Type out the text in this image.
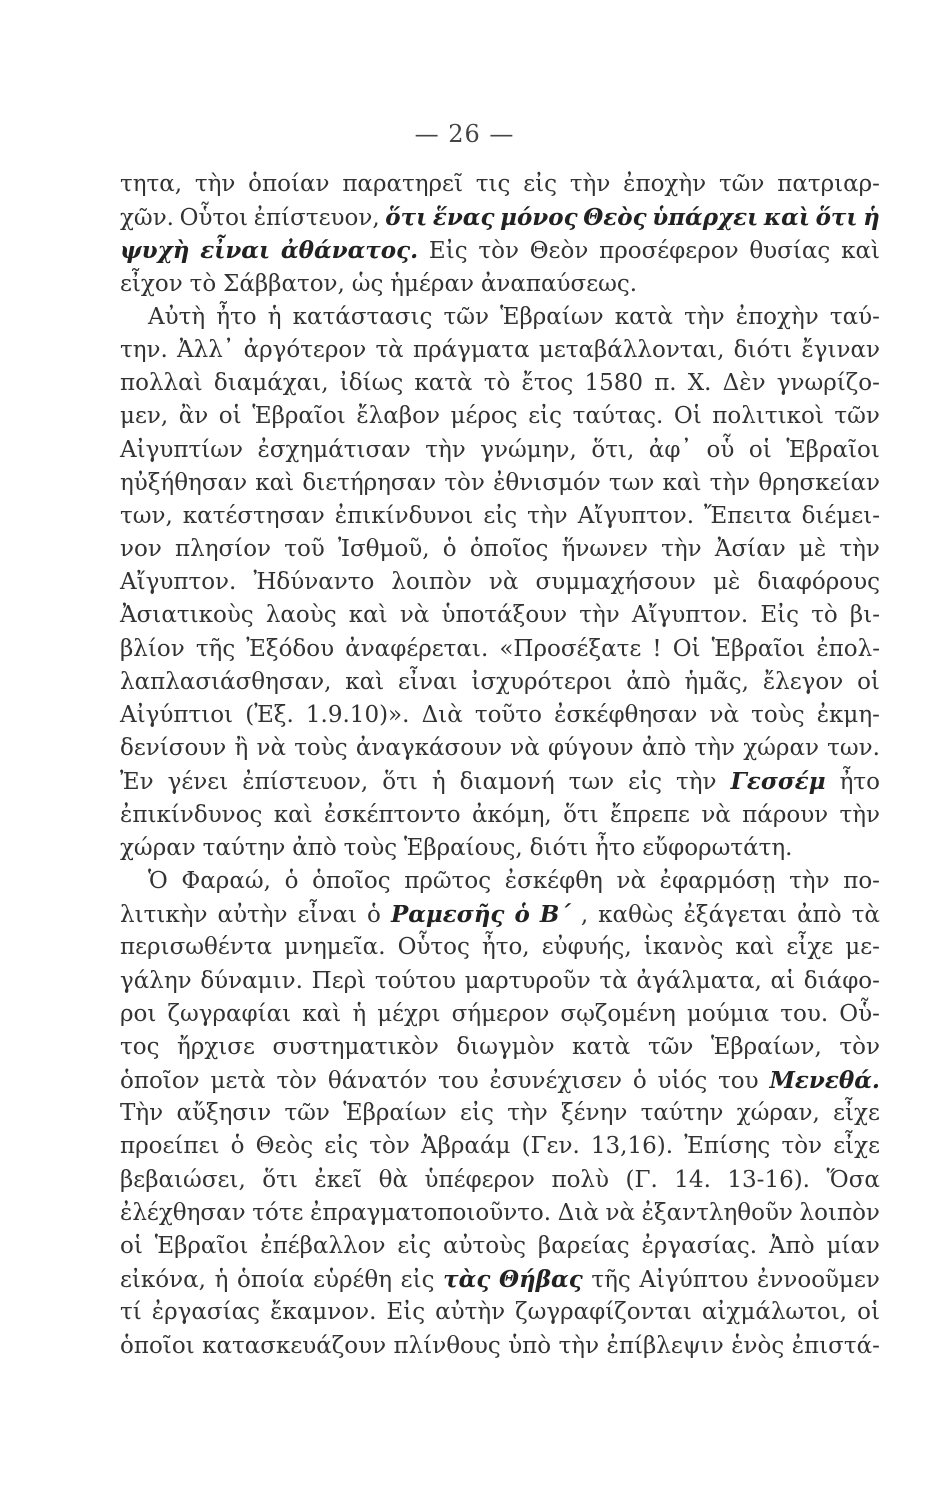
— 26 —
τητα, τὴν ὁποίαν παρατηρεῖ τις εἰς τὴν ἐποχὴν τῶν πατριαρ-
χῶν. Οὗτοι ἐπίστευον, ὅτι ἕνας μόνος Θεὸς ὑπάρχει καὶ ὅτι ἡ
ψυχὴ εἶναι ἀθάνατος. Εἰς τὸν Θεὸν προσέφερον θυσίας καὶ
εἶχον τὸ Σάββατον, ὡς ἡμέραν ἀναπαύσεως.
Αὐτὴ ἦτο ἡ κατάστασις τῶν Ἑβραίων κατὰ τὴν ἐποχὴν ταύ-
την. Ἀλλ᾽ ἀργότερον τὰ πράγματα μεταβάλλονται, διότι ἔγιναν
πολλαὶ διαμάχαι, ἰδίως κατὰ τὸ ἔτος 1580 π. Χ. Δὲν γνωρίζο-
μεν, ἂν οἱ Ἑβραῖοι ἔλαβον μέρος εἰς ταύτας. Οἱ πολιτικοὶ τῶν
Αἰγυπτίων ἐσχημάτισαν τὴν γνώμην, ὅτι, ἀφ᾽ οὗ οἱ Ἑβραῖοι
ηὐξήθησαν καὶ διετήρησαν τὸν ἐθνισμόν των καὶ τὴν θρησκείαν
των, κατέστησαν ἐπικίνδυνοι εἰς τὴν Αἴγυπτον. Ἔπειτα διέμει-
νον πλησίον τοῦ Ἰσθμοῦ, ὁ ὁποῖος ἥνωνεν τὴν Ἀσίαν μὲ τὴν
Αἴγυπτον. Ἠδύναντο λοιπὸν νὰ συμμαχήσουν μὲ διαφόρους
Ἀσιατικοὺς λαοὺς καὶ νὰ ὑποτάξουν τὴν Αἴγυπτον. Εἰς τὸ βι-
βλίον τῆς Ἐξόδου ἀναφέρεται. «Προσέξατε ! Οἱ Ἑβραῖοι ἐπολ-
λαπλασιάσθησαν, καὶ εἶναι ἰσχυρότεροι ἀπὸ ἡμᾶς, ἔλεγον οἱ
Αἰγύπτιοι (Ἐξ. 1.9.10)». Διὰ τοῦτο ἐσκέφθησαν νὰ τοὺς ἐκμη-
δενίσουν ἢ νὰ τοὺς ἀναγκάσουν νὰ φύγουν ἀπὸ τὴν χώραν των.
Ἐν γένει ἐπίστευον, ὅτι ἡ διαμονή των εἰς τὴν Γεσσέμ ἦτο
ἐπικίνδυνος καὶ ἐσκέπτοντο ἀκόμη, ὅτι ἔπρεπε νὰ πάρουν τὴν
χώραν ταύτην ἀπὸ τοὺς Ἑβραίους, διότι ἦτο εὔφορωτάτη.
Ὁ Φαραώ, ὁ ὁποῖος πρῶτος ἐσκέφθη νὰ ἐφαρμόσῃ τὴν πο-
λιτικὴν αὐτὴν εἶναι ὁ Ραμεσῆς ὁ Β΄ , καθὼς ἐξάγεται ἀπὸ τὰ
περισωθέντα μνημεῖα. Οὗτος ἦτο, εὐφυής, ἱκανὸς καὶ εἶχε με-
γάλην δύναμιν. Περὶ τούτου μαρτυροῦν τὰ ἀγάλματα, αἱ διάφο-
ροι ζωγραφίαι καὶ ἡ μέχρι σήμερον σῳζομένη μούμια του. Οὗ-
τος ἤρχισε συστηματικὸν διωγμὸν κατὰ τῶν Ἑβραίων, τὸν
ὁποῖον μετὰ τὸν θάνατόν του ἐσυνέχισεν ὁ υἱός του Μενεθά.
Τὴν αὔξησιν τῶν Ἑβραίων εἰς τὴν ξένην ταύτην χώραν, εἶχε
προείπει ὁ Θεὸς εἰς τὸν Ἀβραάμ (Γεν. 13,16). Ἐπίσης τὸν εἶχε
βεβαιώσει, ὅτι ἐκεῖ θὰ ὑπέφερον πολὺ (Γ. 14. 13-16). Ὅσα
ἐλέχθησαν τότε ἐπραγματοποιοῦντο. Διὰ νὰ ἐξαντληθοῦν λοιπὸν
οἱ Ἑβραῖοι ἐπέβαλλον εἰς αὐτοὺς βαρείας ἐργασίας. Ἀπὸ μίαν
εἰκόνα, ἡ ὁποία εὑρέθη εἰς τὰς Θήβας τῆς Αἰγύπτου ἐννοοῦμεν
τί ἐργασίας ἔκαμνον. Εἰς αὐτὴν ζωγραφίζονται αἰχμάλωτοι, οἱ
ὁποῖοι κατασκευάζουν πλίνθους ὑπὸ τὴν ἐπίβλεψιν ἑνὸς ἐπιστά-
